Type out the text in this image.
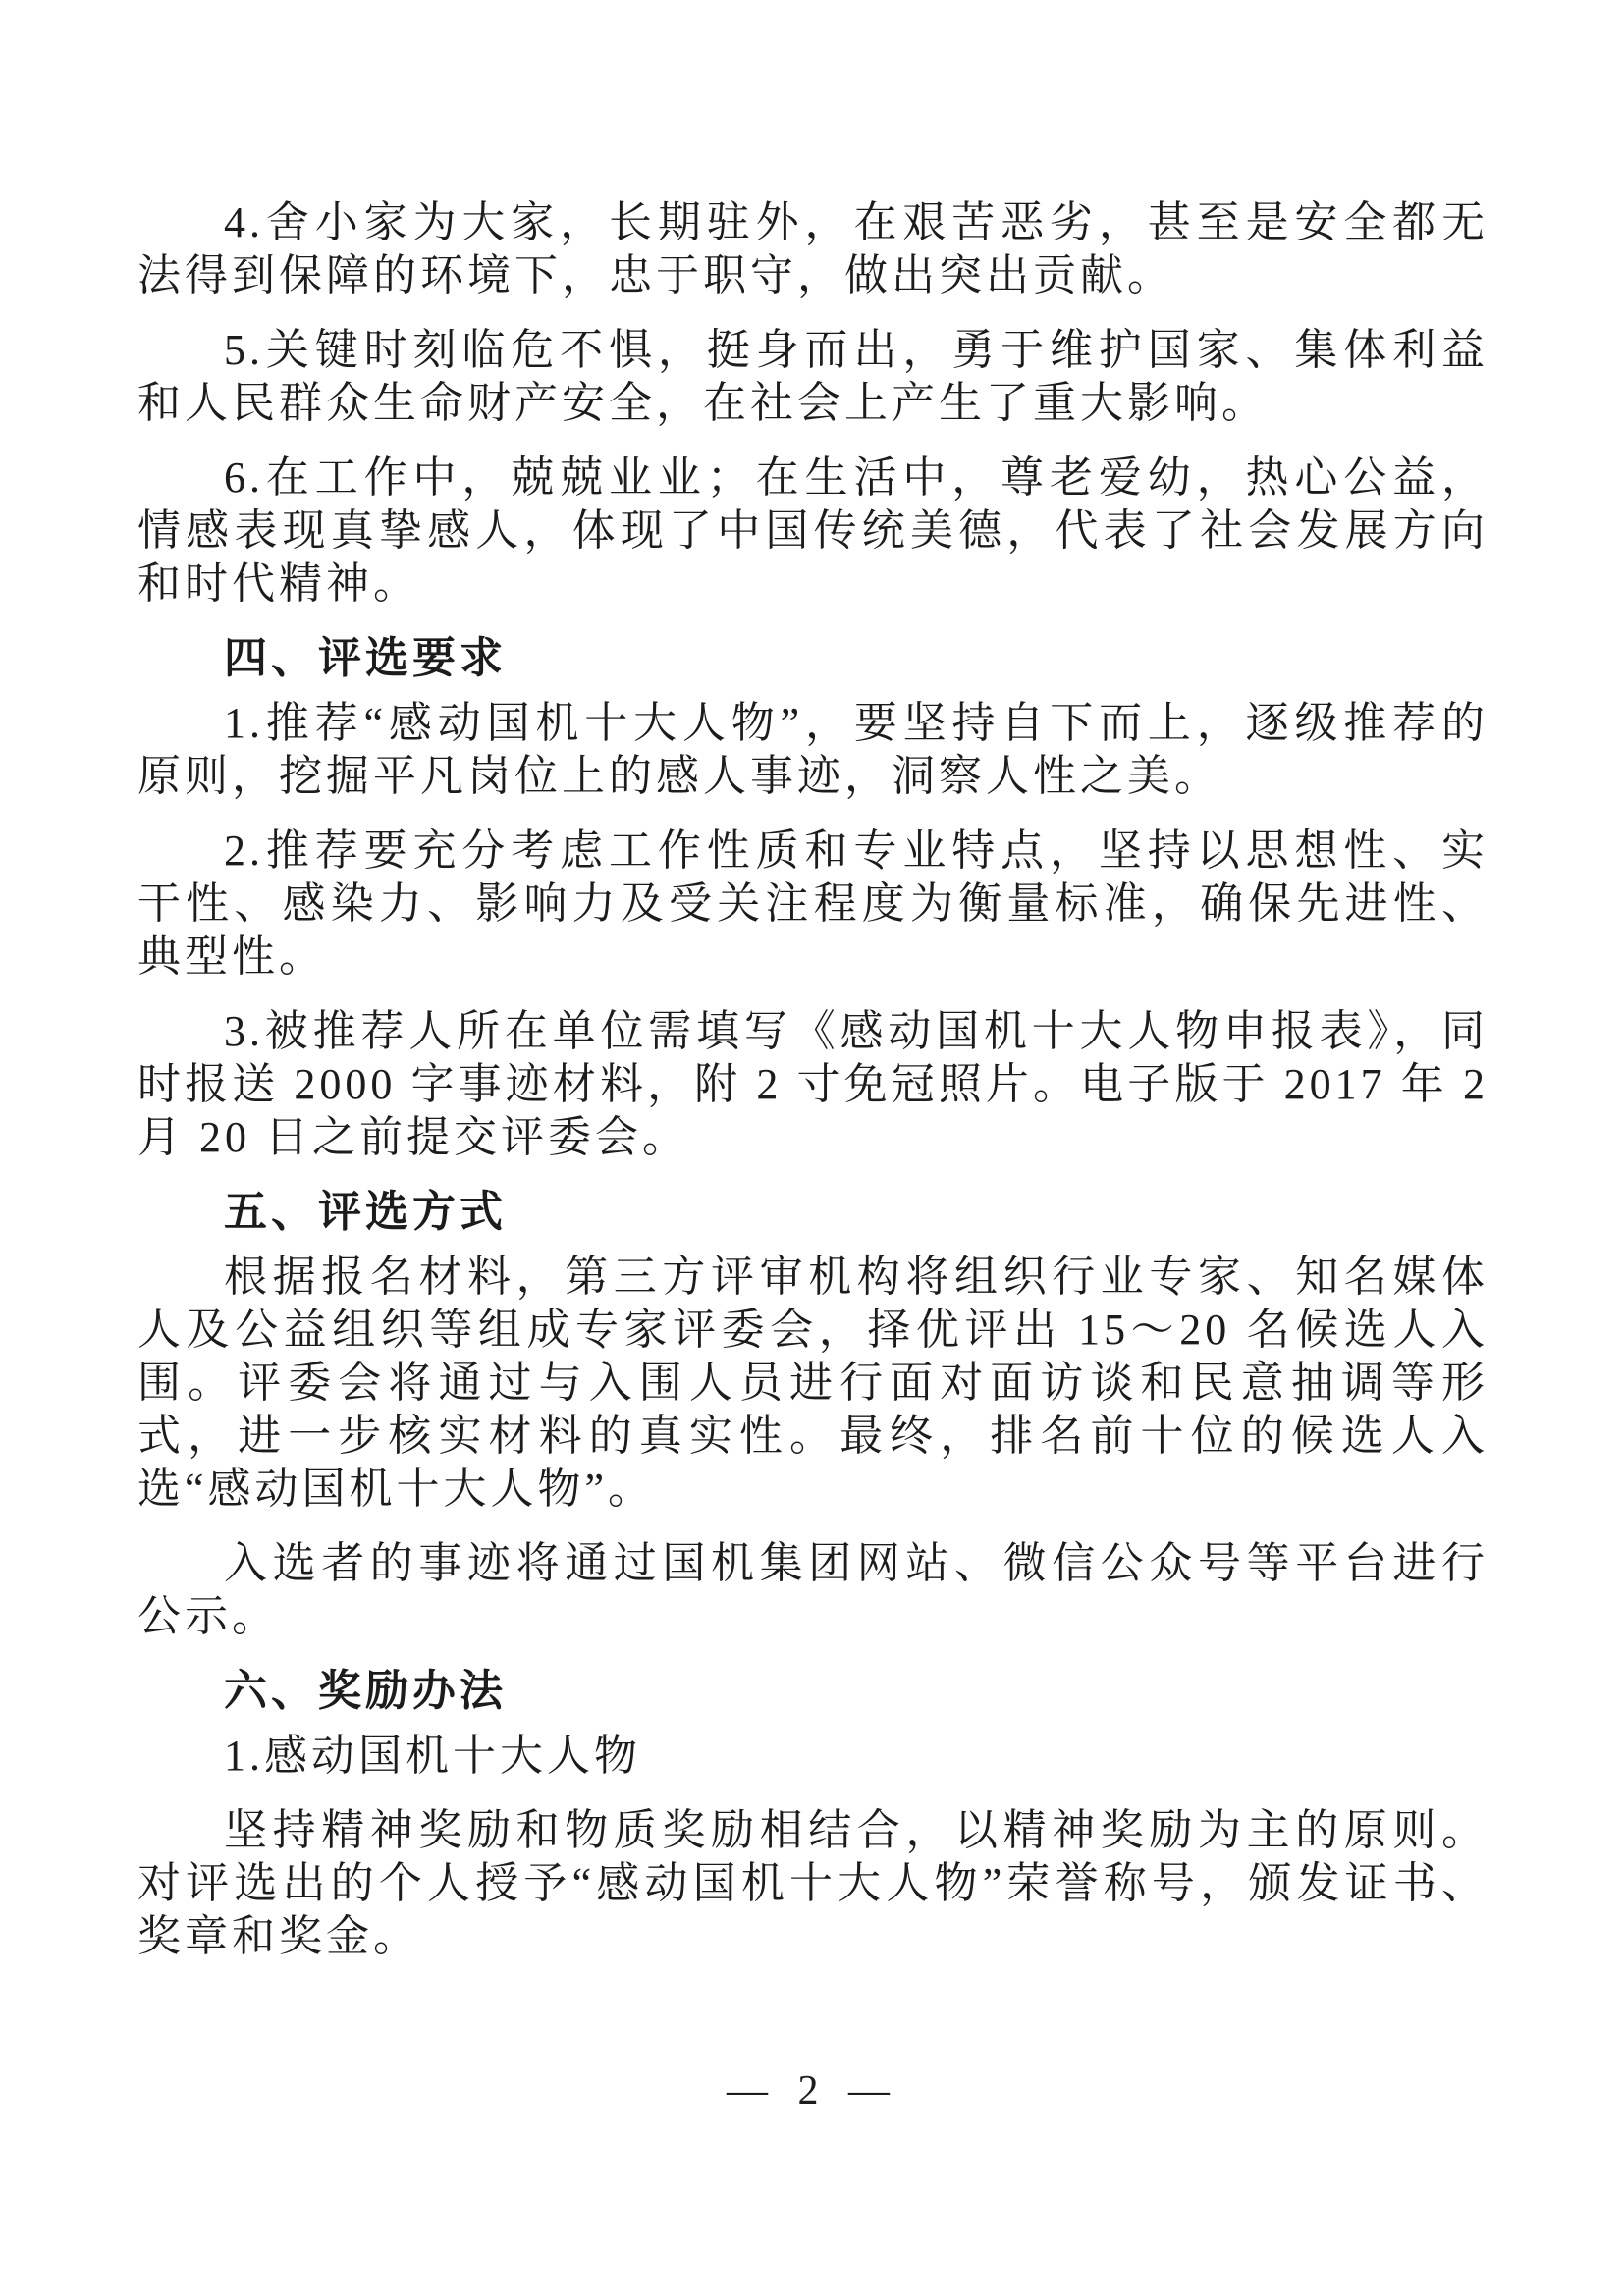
4.舍小家为大家，长期驻外，在艰苦恶劣，甚至是安全都无法得到保障的环境下，忠于职守，做出突出贡献。

5.关键时刻临危不惧，挺身而出，勇于维护国家、集体利益和人民群众生命财产安全，在社会上产生了重大影响。

6.在工作中，兢兢业业；在生活中，尊老爱幼，热心公益，情感表现真挚感人，体现了中国传统美德，代表了社会发展方向和时代精神。

四、评选要求

1.推荐“感动国机十大人物”，要坚持自下而上，逐级推荐的原则，挖掘平凡岗位上的感人事迹，洞察人性之美。

2.推荐要充分考虑工作性质和专业特点，坚持以思想性、实干性、感染力、影响力及受关注程度为衡量标准，确保先进性、典型性。

3.被推荐人所在单位需填写《感动国机十大人物申报表》，同时报送 2000 字事迹材料，附 2 寸免冠照片。电子版于 2017 年 2 月 20 日之前提交评委会。

五、评选方式

根据报名材料，第三方评审机构将组织行业专家、知名媒体人及公益组织等组成专家评委会，择优评出 15～20 名候选人入围。评委会将通过与入围人员进行面对面访谈和民意抽调等形式，进一步核实材料的真实性。最终，排名前十位的候选人入选“感动国机十大人物”。

入选者的事迹将通过国机集团网站、微信公众号等平台进行公示。

六、奖励办法

1.感动国机十大人物

坚持精神奖励和物质奖励相结合，以精神奖励为主的原则。对评选出的个人授予“感动国机十大人物”荣誉称号，颁发证书、奖章和奖金。

— 2 —
